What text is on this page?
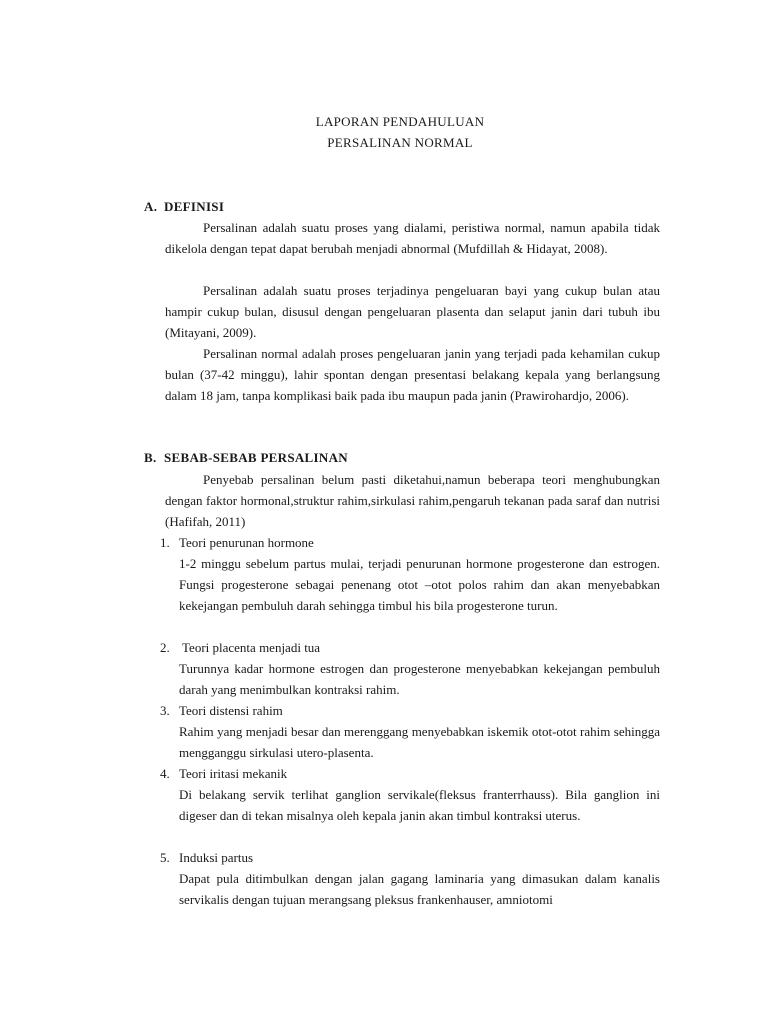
LAPORAN PENDAHULUAN
PERSALINAN NORMAL
A. DEFINISI
Persalinan adalah suatu proses yang dialami, peristiwa normal, namun apabila tidak dikelola dengan tepat dapat berubah menjadi abnormal (Mufdillah & Hidayat, 2008).
Persalinan adalah suatu proses terjadinya pengeluaran bayi yang cukup bulan atau hampir cukup bulan, disusul dengan pengeluaran plasenta dan selaput janin dari tubuh ibu (Mitayani, 2009).
Persalinan normal adalah proses pengeluaran janin yang terjadi pada kehamilan cukup bulan (37-42 minggu), lahir spontan dengan presentasi belakang kepala yang berlangsung dalam 18 jam, tanpa komplikasi baik pada ibu maupun pada janin (Prawirohardjo, 2006).
B. SEBAB-SEBAB PERSALINAN
Penyebab persalinan belum pasti diketahui,namun beberapa teori menghubungkan dengan faktor hormonal,struktur rahim,sirkulasi rahim,pengaruh tekanan pada saraf dan nutrisi (Hafifah, 2011)
1. Teori penurunan hormone
1-2 minggu sebelum partus mulai, terjadi penurunan hormone progesterone dan estrogen. Fungsi progesterone sebagai penenang otot –otot polos rahim dan akan menyebabkan kekejangan pembuluh darah sehingga timbul his bila progesterone turun.
2. Teori placenta menjadi tua
Turunnya kadar hormone estrogen dan progesterone menyebabkan kekejangan pembuluh darah yang menimbulkan kontraksi rahim.
3. Teori distensi rahim
Rahim yang menjadi besar dan merenggang menyebabkan iskemik otot-otot rahim sehingga mengganggu sirkulasi utero-plasenta.
4. Teori iritasi mekanik
Di belakang servik terlihat ganglion servikale(fleksus franterrhauss). Bila ganglion ini digeser dan di tekan misalnya oleh kepala janin akan timbul kontraksi uterus.
5. Induksi partus
Dapat pula ditimbulkan dengan jalan gagang laminaria yang dimasukan dalam kanalis servikalis dengan tujuan merangsang pleksus frankenhauser, amniotomi
